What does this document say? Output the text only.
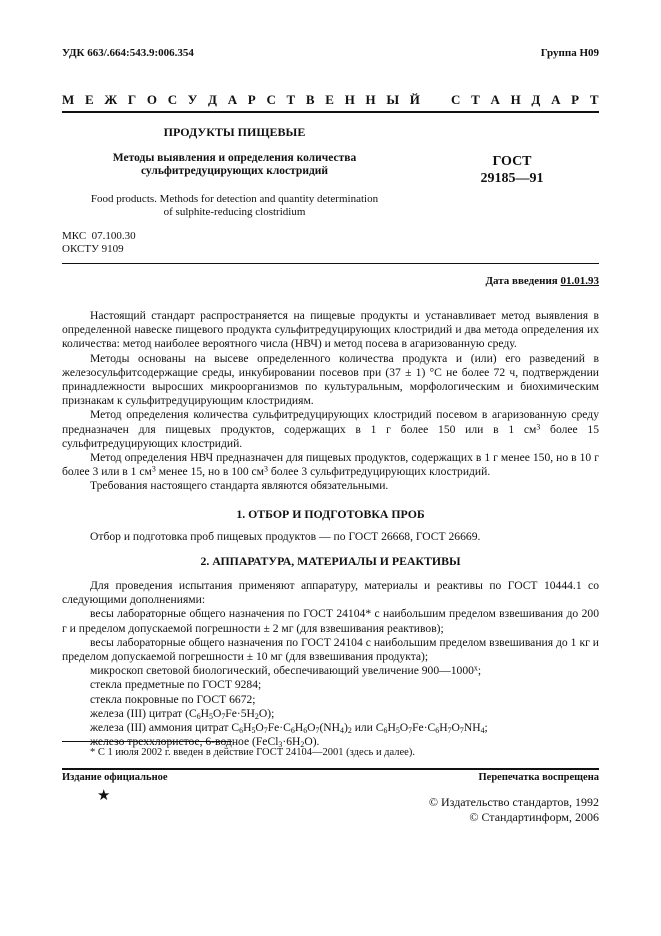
УДК 663/.664:543.9:006.354	Группа Н09
М Е Ж Г О С У Д А Р С Т В Е Н Н Ы Й   С Т А Н Д А Р Т
ПРОДУКТЫ ПИЩЕВЫЕ
Методы выявления и определения количества
сульфитредуцирующих клостридий
ГОСТ
29185—91
Food products. Methods for detection and quantity determination
of sulphite-reducing clostridium
МКС  07.100.30
ОКСТУ 9109
Дата введения 01.01.93

Настоящий стандарт распространяется на пищевые продукты и устанавливает метод выявления в определенной навеске пищевого продукта сульфитредуцирующих клостридий и два метода определения их количества: метод наиболее вероятного числа (НВЧ) и метод посева в агаризованную среду.

Методы основаны на высеве определенного количества продукта и (или) его разведений в железосульфитсодержащие среды, инкубировании посевов при (37 ± 1) °С не более 72 ч, подтверждении принадлежности выросших микроорганизмов по культуральным, морфологическим и биохимическим признакам к сульфитредуцирующим клостридиям.

Метод определения количества сульфитредуцирующих клостридий посевом в агаризованную среду предназначен для пищевых продуктов, содержащих в 1 г более 150 или в 1 $см^3$ более 15 сульфитредуцирующих клостридий.

Метод определения НВЧ предназначен для пищевых продуктов, содержащих в 1 г менее 150, но в 10 г более 3 или в 1 $см^3$ менее 15, но в 100 $см^3$ более 3 сульфитредуцирующих клостридий.

Требования настоящего стандарта являются обязательными.

1. ОТБОР И ПОДГОТОВКА ПРОБ

Отбор и подготовка проб пищевых продуктов — по ГОСТ 26668, ГОСТ 26669.

2. АППАРАТУРА, МАТЕРИАЛЫ И РЕАКТИВЫ

Для проведения испытания применяют аппаратуру, материалы и реактивы по ГОСТ 10444.1 со следующими дополнениями:

весы лабораторные общего назначения по ГОСТ 24104* с наибольшим пределом взвешивания до 200 г и пределом допускаемой погрешности ± 2 мг (для взвешивания реактивов);

весы лабораторные общего назначения по ГОСТ 24104 с наибольшим пределом взвешивания до 1 кг и пределом допускаемой погрешности ± 10 мг (для взвешивания продукта);

микроскоп световой биологический, обеспечивающий увеличение 900—1000$^x$;

стекла предметные по ГОСТ 9284;

стекла покровные по ГОСТ 6672;

железа (III) цитрат $(C_6H_5O_7Fe\cdot 5H_2O)$;

железа (III) аммония цитрат $C_6H_5O_7Fe\cdot C_6H_6O_7(NH_4)_2$ или $C_6H_5O_7Fe\cdot C_6H_7O_7NH_4$;

железо треххлористое, 6-водное $(FeCl_3\cdot 6H_2O)$.

* С 1 июля 2002 г. введен в действие ГОСТ 24104—2001 (здесь и далее).
Издание официальное	Перепечатка воспрещена
★	© Издательство стандартов, 1992
© Стандартинформ, 2006
